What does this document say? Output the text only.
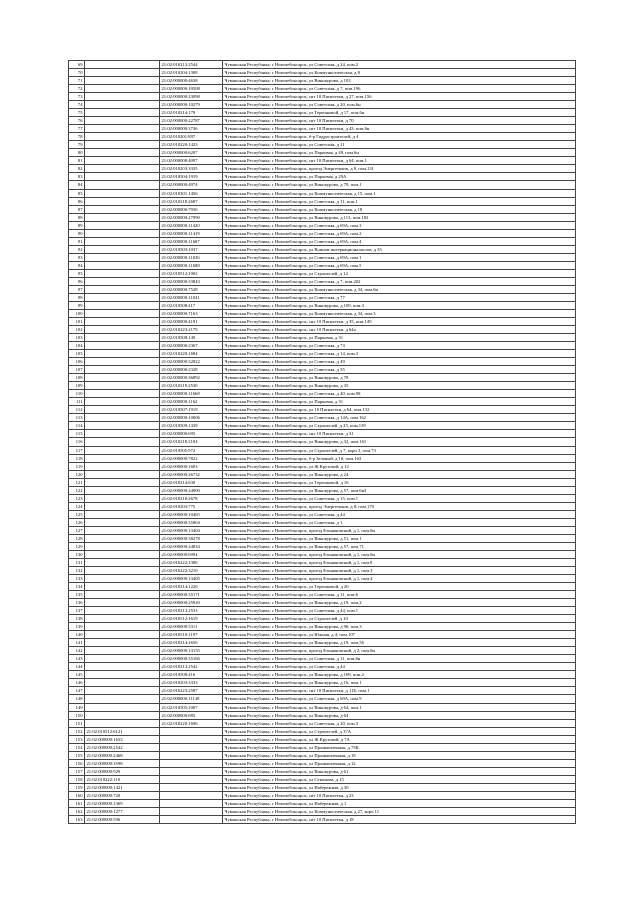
69		21:02:010213:2544	Чувашская Республика, г Новочебоксарск, ул Советская, д 24, пом.2
70		21:02:010204:1308	Чувашская Республика, г Новочебоксарск, ул Коммунистическая, д 8
71		21:02:000000:4638	Чувашская Республика, г Новочебоксарск, ул Винокурова, д 103
72		21:02:000000:10508	Чувашская Республика, г Новочебоксарск, ул Советская, д 7, пом.196
73		21:02:000000:23098	Чувашская Республика, г Новочебоксарск, снт 10 Пятилетки, д 27, пом.156
74		21:02:000000:10279	Чувашская Республика, г Новочебоксарск, ул Советская, д 20, пом.6н
75		21:02:010214:179	Чувашская Республика, г Новочебоксарск, ул Терешковой, д 17, пом.6н
76		21:02:000000:22787	Чувашская Республика, г Новочебоксарск, снт 10 Пятилетки, д 70
77		21:02:000000:3736	Чувашская Республика, г Новочебоксарск, снт 10 Пятилетки, д 43, пом.6н
78		21:02:010201:897	Чувашская Республика, г Новочебоксарск, б-р Гидростроителей, д 4
79		21:02:010220:1423	Чувашская Республика, г Новочебоксарск, ул Советская, д 11
80		21:02:000000:6207	Чувашская Республика, г Новочебоксарск, ул Парковая, д 49, пом.6н
81		21:02:000000:4097	Чувашская Республика, г Новочебоксарск, снт 10 Пятилетки, д 64, пом.1
82		21:02:010203:3335	Чувашская Республика, г Новочебоксарск, проезд Энергетиков, д 8, пом.131
83		21:02:010504:1919	Чувашская Республика, г Новочебоксарск, ул Парковая, д 29А
84		21:02:000000:4974	Чувашская Республика, г Новочебоксарск, ул Винокурова, д 79, пом.1
85		21:02:010301:1456	Чувашская Республика, г Новочебоксарск, ул Коммунистическая, д 15, пом.1
86		21:02:010218:2687	Чувашская Республика, г Новочебоксарск, ул Советская, д 11, пом.1
87		21:02:000000:7936	Чувашская Республика, г Новочебоксарск, ул Коммунистическая, д 18
88		21:02:000000:27990	Чувашская Республика, г Новочебоксарск, ул Винокурова, д 113, пом.182
89		21:02:000000:11420	Чувашская Республика, г Новочебоксарск, ул Советская, д 69А, пом.3
90		21:02:000000:11419	Чувашская Республика, г Новочебоксарск, ул Советская, д 69А, пом.2
91		21:02:000000:11687	Чувашская Республика, г Новочебоксарск, ул Советская, д 69А, пом.4
92		21:02:010503:1037	Чувашская Республика, г Новочебоксарск, ул Воинов-интернационалистов, д 35
93		21:02:000000:11026	Чувашская Республика, г Новочебоксарск, ул Советская, д 69А, пом.1
94		21:02:000000:11688	Чувашская Республика, г Новочебоксарск, ул Советская, д 69А, пом.5
95		21:02:010512:1002	Чувашская Республика, г Новочебоксарск, ул Строителей, д 14
96		21:02:000000:33843	Чувашская Республика, г Новочебоксарск, ул Советская, д 7, пом.202
97		21:02:000000:7528	Чувашская Республика, г Новочебоксарск, ул Коммунистическая, д 34, пом.6н
98		21:02:000000:11041	Чувашская Республика, г Новочебоксарск, ул Советская, д 77
99		21:02:010508:417	Чувашская Республика, г Новочебоксарск, ул Винокурова, д 109, пом.3
100		21:02:000000:7163	Чувашская Республика, г Новочебоксарск, ул Коммунистическая, д 34, пом.3
101		21:02:000000:4191	Чувашская Республика, г Новочебоксарск, снт 10 Пятилетки, д 35, пом.149
102		21:02:010223:2179	Чувашская Республика, г Новочебоксарск, снт 10 Пятилетки, д 64а
103		21:02:010508:149	Чувашская Республика, г Новочебоксарск, ул Парковая, д 31
104		21:02:000000:2367	Чувашская Республика, г Новочебоксарск, ул Советская, д 73
105		21:02:010220:1684	Чувашская Республика, г Новочебоксарск, ул Советская, д 14, пом.3
106		21:02:000000:32822	Чувашская Республика, г Новочебоксарск, ул Советская, д 49
107		21:02:000000:2328	Чувашская Республика, г Новочебоксарск, ул Советская, д 55
108		21:02:000000:36892	Чувашская Республика, г Новочебоксарск, ул Винокурова, д 78
109		21:02:010219:2530	Чувашская Республика, г Новочебоксарск, ул Винокурова, д 35
110		21:02:000000:11668	Чувашская Республика, г Новочебоксарск, ул Советская, д 40, пом.98
111		21:02:000000:1162	Чувашская Республика, г Новочебоксарск, ул Парковая, д 31
112		21:02:010507:1919	Чувашская Республика, г Новочебоксарск, ул 10 Пятилетки, д 64, пом.132
113		21:02:000000:10006	Чувашская Республика, г Новочебоксарск, ул Советская, д 14А, пом.162
114		21:02:010509:1339	Чувашская Республика, г Новочебоксарск, ул Строителей, д 25, пом.139
115		21:02:000000:695	Чувашская Республика, г Новочебоксарск, снт 10 Пятилетки, д 31
116		21:02:010218:2104	Чувашская Республика, г Новочебоксарск, ул Винокурова, д 32, пом.161
117		21:02:010505:972	Чувашская Республика, г Новочебоксарск, ул Строителей, д 7, корп 2, пом.73
118		21:02:000000:7822	Чувашская Республика, г Новочебоксарск, б-р Зеленый, д 16, пом.163
119		21:02:000000:1603	Чувашская Республика, г Новочебоксарск, ул Ж.Крутовой, д 12
120		21:02:000000:26732	Чувашская Республика, г Новочебоксарск, ул Винокурова, д 24
121		21:02:010214:630	Чувашская Республика, г Новочебоксарск, ул Терешковой, д 16
122		21:02:000000:24900	Чувашская Республика, г Новочебоксарск, ул Винокурова, д 57, пом.6н3
123		21:02:010218:2678	Чувашская Республика, г Новочебоксарск, ул Советская, д 15, пом.1
124		21:02:010203:775	Чувашская Республика, г Новочебоксарск, проезд Энергетиков, д 8, пом.170
125		21:02:000000:10465	Чувашская Республика, г Новочебоксарск, ул Советская, д 44
126		21:02:000000:35804	Чувашская Республика, г Новочебоксарск, ул Советская, д 1
127		21:02:000000:13404	Чувашская Республика, г Новочебоксарск, проезд Ельниковский, д 1, пом.6н
128		21:02:000000:38278	Чувашская Республика, г Новочебоксарск, ул Винокурова, д 51, пом.1
129		21:02:000000:24834	Чувашская Республика, г Новочебоксарск, ул Винокурова, д 57, пом.71
130		21:02:000000:6994	Чувашская Республика, г Новочебоксарск, проезд Ельниковский, д 1, пом.6н
131		21:02:010222:1386	Чувашская Республика, г Новочебоксарск, проезд Ельниковский, д 1, пом.8
132		21:02:010222:3210	Чувашская Республика, г Новочебоксарск, проезд Ельниковский, д 1, пом.3
133		21:02:000000:13405	Чувашская Республика, г Новочебоксарск, проезд Ельниковский, д 1, пом.4
134		21:02:010214:1226	Чувашская Республика, г Новочебоксарск, ул Терешковой, д 20
135		21:02:000000:35171	Чувашская Республика, г Новочебоксарск, ул Советская, д 11, пом.6
136		21:02:000000:25920	Чувашская Республика, г Новочебоксарск, ул Винокурова, д 19, пом.2
137		21:02:010213:2533	Чувашская Республика, г Новочебоксарск, ул Советская, д 44, пом.1
138		21:02:010512:1619	Чувашская Республика, г Новочебоксарск, ул Строителей, д 10
139		21:02:000000:5311	Чувашская Республика, г Новочебоксарск, ул Винокурова, д 96, пом.3
140		21:02:010510:1197	Чувашская Республика, г Новочебоксарск, ул Южная, д 4, пом.107
141		21:02:010214:2656	Чувашская Республика, г Новочебоксарск, ул Винокурова, д 19, пом.56
142		21:02:000000:13155	Чувашская Республика, г Новочебоксарск, проезд Ельниковский, д 2, пом.6н
143		21:02:000000:35166	Чувашская Республика, г Новочебоксарск, ул Советская, д 11, пом.6н
144		21:02:010213:2542	Чувашская Республика, г Новочебоксарск, ул Советская, д 44
145		21:02:010508:416	Чувашская Республика, г Новочебоксарск, ул Винокурова, д 109, пом.2
146		21:02:010203:3333	Чувашская Республика, г Новочебоксарск, ул Винокурова, д 16, пом.1
147		21:02:010223:2587	Чувашская Республика, г Новочебоксарск, снт 10 Пятилетки, д 11Б, пом.1
148		21:02:000000:11138	Чувашская Республика, г Новочебоксарск, ул Советская, д 69А, пом.9
149		21:02:010505:1087	Чувашская Республика, г Новочебоксарск, ул Винокурова, д 64, пом.1
150		21:02:000000:885	Чувашская Республика, г Новочебоксарск, ул Винокурова, д 64
151		21:02:010220:1696	Чувашская Республика, г Новочебоксарск, ул Советская, д 20, пом.3
152	21:02:010512:6121		Чувашская Республика, г Новочебоксарск, ул Строителей, д 37А
153	21:02:000000:1633		Чувашская Республика, г Новочебоксарск, ул Ж.Крутовой, д 7А
154	21:02:000000:2542		Чувашская Республика, г Новочебоксарск, ул Промышленная, д 75К
155	21:02:000000:2468		Чувашская Республика, г Новочебоксарск, ул Промышленная, д 19
156	21:02:000000:3598		Чувашская Республика, г Новочебоксарск, ул Промышленная, д 12
157	21:02:000000:929		Чувашская Республика, г Новочебоксарск, ул Винокурова, д 61
158	21:02:010222:110		Чувашская Республика, г Новочебоксарск, ул Семенова, д 15
159	21:02:000000:1421		Чувашская Республика, г Новочебоксарск, ул Набережная, д 30
160	21:02:000000:720		Чувашская Республика, г Новочебоксарск, снт 10 Пятилетки, д 23
161	21:02:000000:1369		Чувашская Республика, г Новочебоксарск, ул Набережная, д 1
162	21:02:000000:1277		Чувашская Республика, г Новочебоксарск, ул Коммунистическая, д 27, корп 11
163	21:02:000000:596		Чувашская Республика, г Новочебоксарск, снт 10 Пятилетки, д 18
